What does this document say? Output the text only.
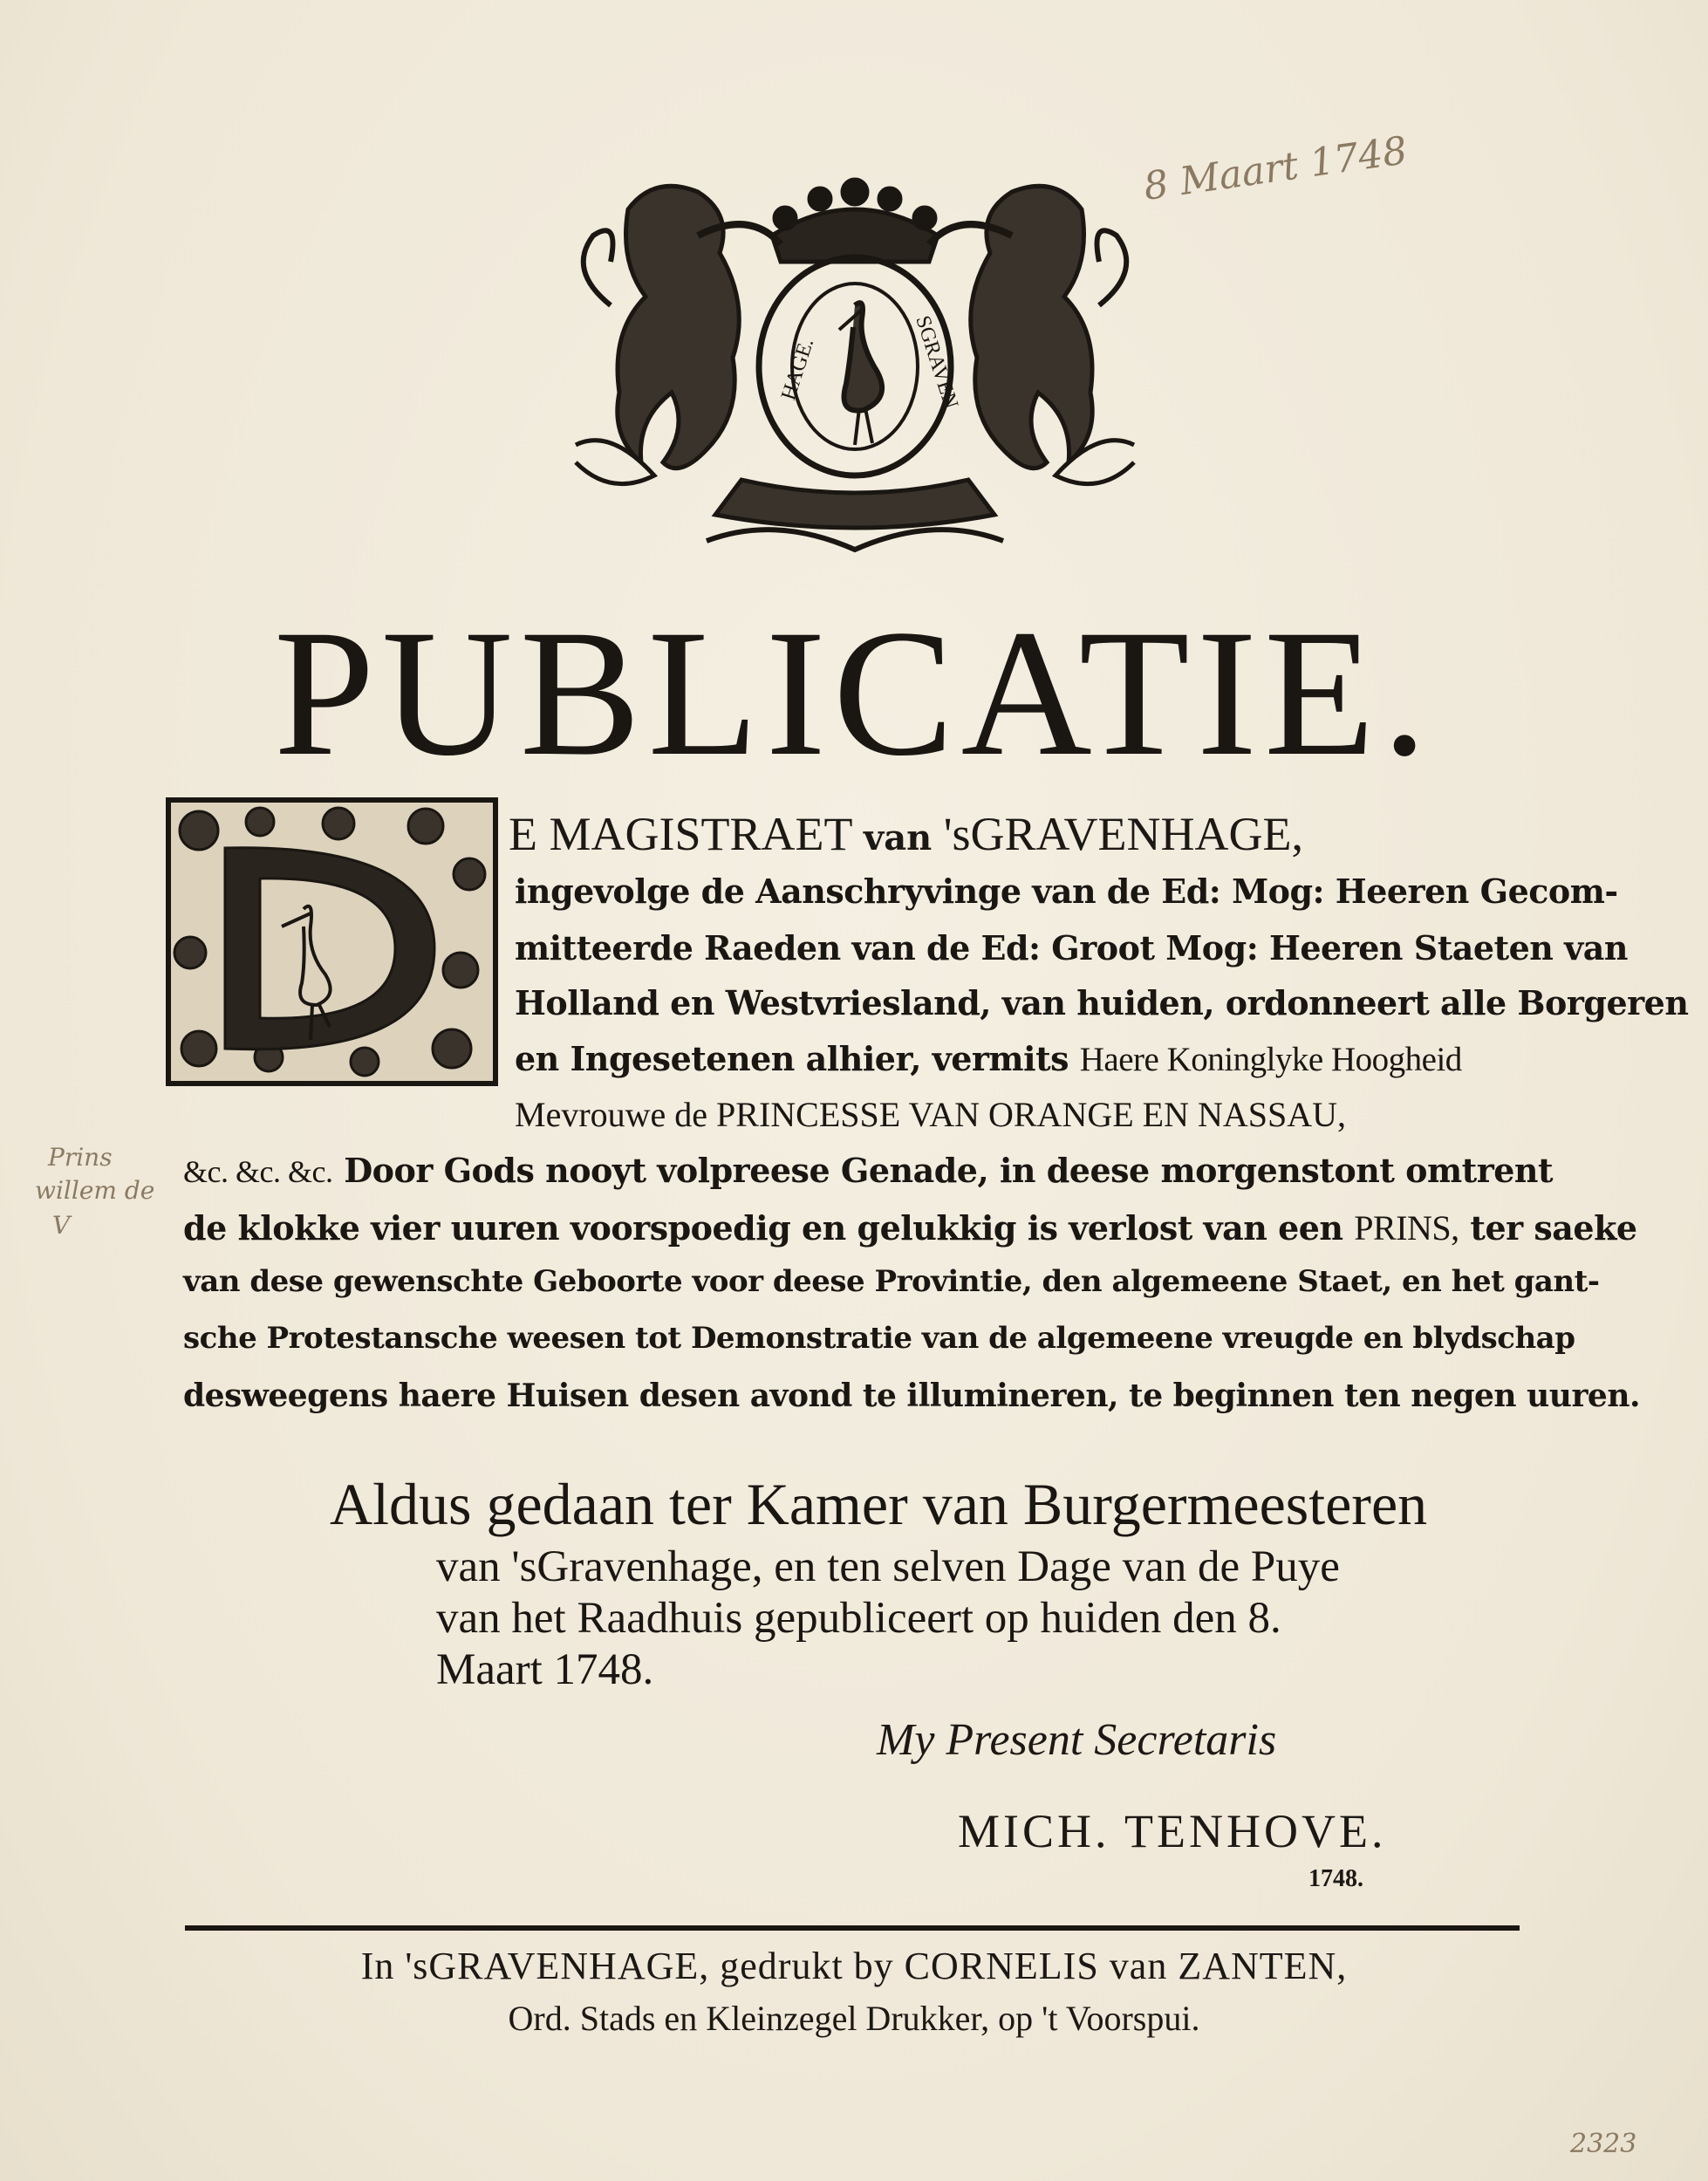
HAGE.	SGRAVEN
PUBLICATIE.
E MAGISTRAET van 'sGRAVENHAGE,
ingevolge de Aanschryvinge van de Ed: Mog: Heeren Gecom-
mitteerde Raeden van de Ed: Groot Mog: Heeren Staeten van
Holland en Westvriesland, van huiden, ordonneert alle Borgeren
en Ingesetenen alhier, vermits Haere Koninglyke Hoogheid
Mevrouwe de PRINCESSE VAN ORANGE EN NASSAU,
&c. &c. &c. Door Gods nooyt volpreese Genade, in deese morgenstont omtrent
de klokke vier uuren voorspoedig en gelukkig is verlost van een PRINS, ter saeke
van dese gewenschte Geboorte voor deese Provintie, den algemeene Staet, en het gant-
sche Protestansche weesen tot Demonstratie van de algemeene vreugde en blydschap
desweegens haere Huisen desen avond te illumineren, te beginnen ten negen uuren.
Aldus gedaan ter Kamer van Burgermeesteren
van 'sGravenhage, en ten selven Dage van de Puye
van het Raadhuis gepubliceert op huiden den 8.
Maart 1748.
My Present Secretaris
MICH. TENHOVE.
1748.
In 'sGRAVENHAGE, gedrukt by CORNELIS van ZANTEN,
Ord. Stads en Kleinzegel Drukker, op 't Voorspui.
8 Maart 1748
Prins
willem de
V
2323
